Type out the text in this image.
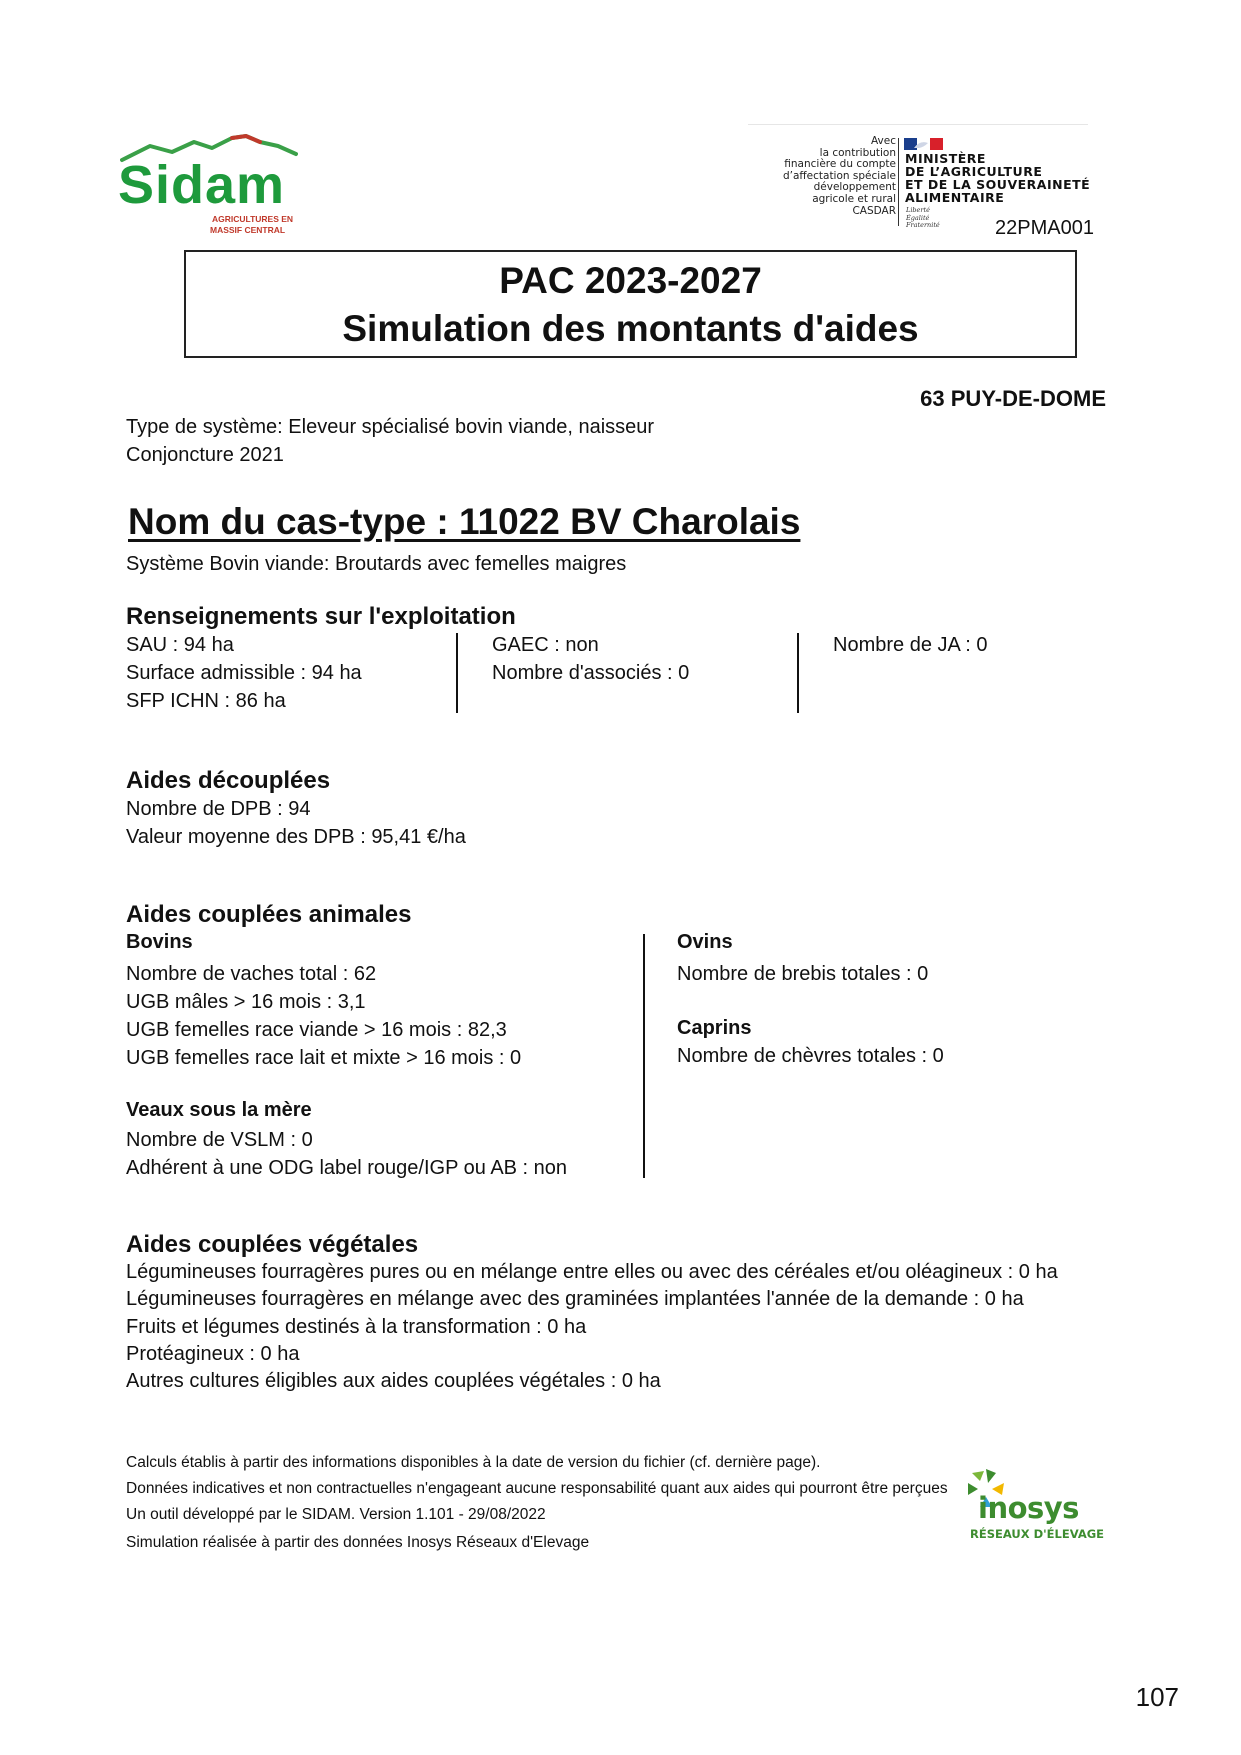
Sidam
AGRICULTURES EN
MASSIF CENTRAL
Avec
la contribution
financière du compte
d’affectation spéciale
développement
agricole et rural
CASDAR
MINISTÈRE
DE L’AGRICULTURE
ET DE LA SOUVERAINETÉ
ALIMENTAIRE
Liberté
Égalité
Fraternité	22PMA001
PAC 2023-2027
Simulation des montants d'aides
63 PUY-DE-DOME
Type de système: Eleveur spécialisé bovin viande, naisseur
Conjoncture 2021
Nom du cas-type : 11022 BV Charolais
Système Bovin viande: Broutards avec femelles maigres
Renseignements sur l'exploitation
SAU : 94 ha
Surface admissible : 94 ha
SFP ICHN : 86 ha
GAEC : non
Nombre d'associés : 0
Nombre de JA : 0
Aides découplées
Nombre de DPB : 94
Valeur moyenne des DPB : 95,41 €/ha
Aides couplées animales
Bovins
Nombre de vaches total : 62
UGB mâles > 16 mois : 3,1
UGB femelles race viande > 16 mois : 82,3
UGB femelles race lait et mixte > 16 mois : 0
Veaux sous la mère
Nombre de VSLM : 0
Adhérent à une ODG label rouge/IGP ou AB : non
Ovins
Nombre de brebis totales : 0
Caprins
Nombre de chèvres totales : 0
Aides couplées végétales
Légumineuses fourragères pures ou en mélange entre elles ou avec des céréales et/ou oléagineux : 0 ha
Légumineuses fourragères en mélange avec des graminées implantées l'année de la demande : 0 ha
Fruits et légumes destinés à la transformation : 0 ha
Protéagineux : 0 ha
Autres cultures éligibles aux aides couplées végétales : 0 ha
Calculs établis à partir des informations disponibles à la date de version du fichier (cf. dernière page).
Données indicatives et non contractuelles n'engageant aucune responsabilité quant aux aides qui pourront être perçues
Un outil développé par le SIDAM. Version 1.101 - 29/08/2022
Simulation réalisée à partir des données Inosys Réseaux d'Elevage
inosys
RÉSEAUX D'ÉLEVAGE
107
